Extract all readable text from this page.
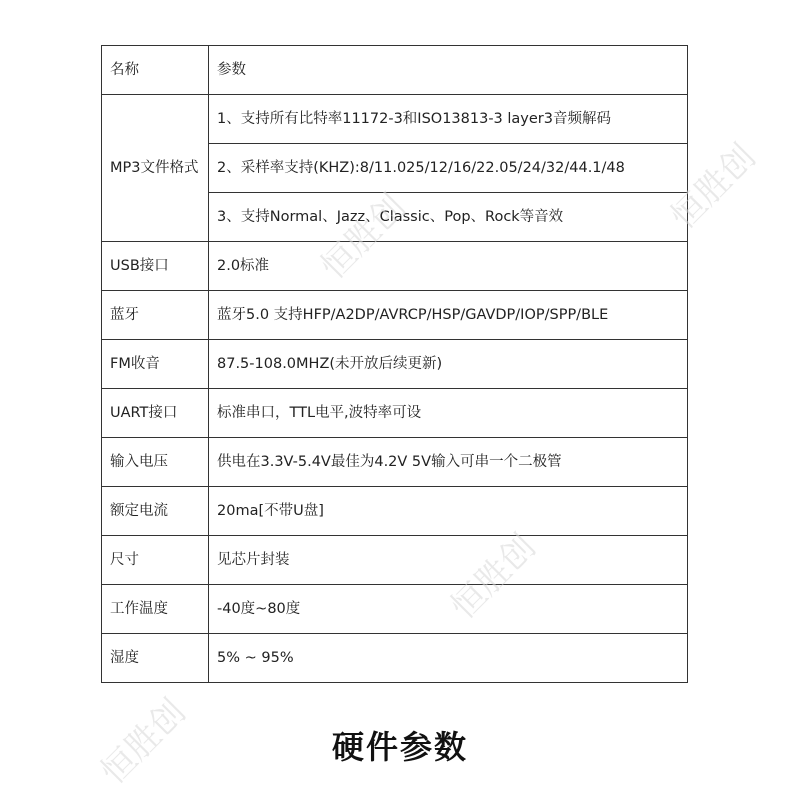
名称	参数
MP3文件格式	1、支持所有比特率11172-3和ISO13813-3 layer3音频解码
	2、采样率支持(KHZ):8/11.025/12/16/22.05/24/32/44.1/48
	3、支持Normal、Jazz、Classic、Pop、Rock等音效
USB接口	2.0标准
蓝牙	蓝牙5.0 支持HFP/A2DP/AVRCP/HSP/GAVDP/IOP/SPP/BLE
FM收音	87.5-108.0MHZ(未开放后续更新)
UART接口	标准串口，TTL电平,波特率可设
输入电压	供电在3.3V-5.4V最佳为4.2V 5V输入可串一个二极管
额定电流	20ma[不带U盘]
尺寸	见芯片封装
工作温度	-40度~80度
湿度	5% ~ 95%
硬件参数
恒胜创
恒胜创
恒胜创
恒胜创
